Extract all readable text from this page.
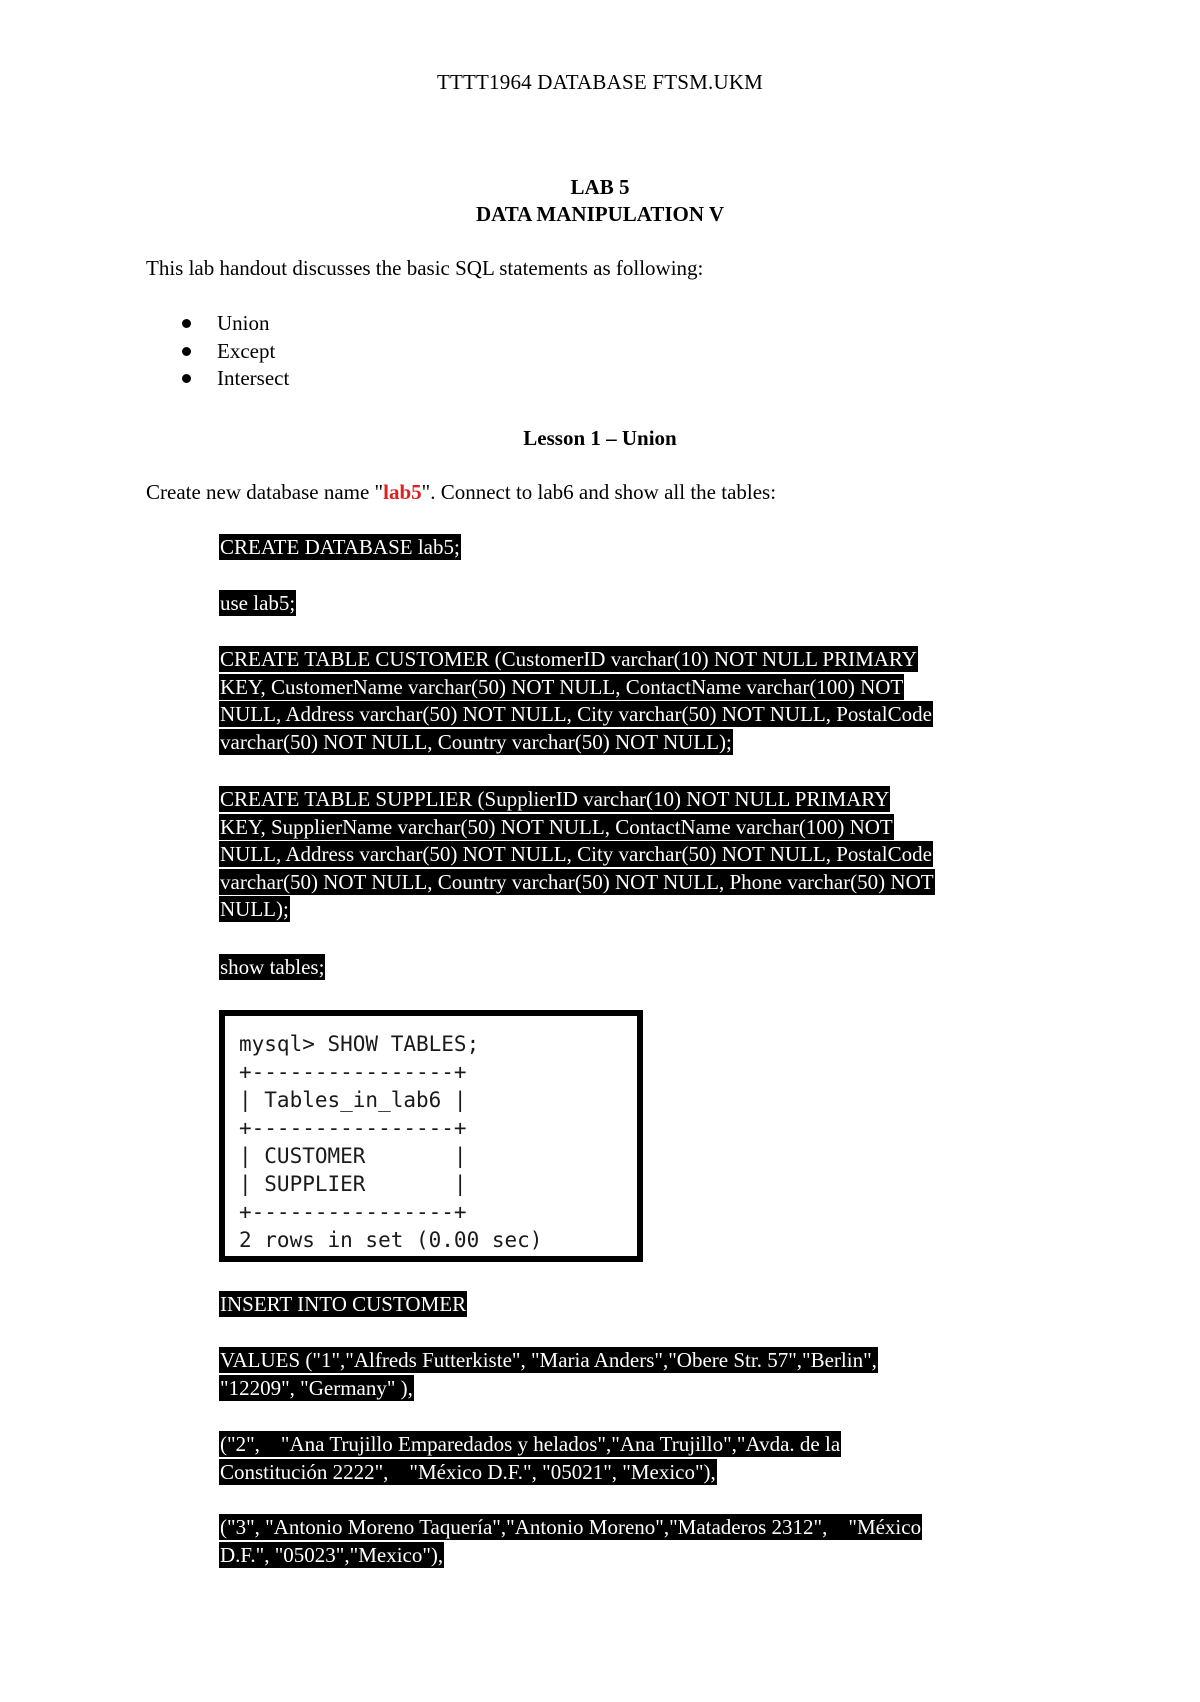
TTTT1964 DATABASE FTSM.UKM
LAB 5
DATA MANIPULATION V
This lab handout discusses the basic SQL statements as following:
Union
Except
Intersect
Lesson 1 – Union
Create new database name "lab5". Connect to lab6 and show all the tables:
CREATE DATABASE lab5;
use lab5;
CREATE TABLE CUSTOMER (CustomerID varchar(10) NOT NULL PRIMARY
KEY, CustomerName varchar(50) NOT NULL, ContactName varchar(100) NOT
NULL, Address varchar(50) NOT NULL, City varchar(50) NOT NULL, PostalCode
varchar(50) NOT NULL, Country varchar(50) NOT NULL);
CREATE TABLE SUPPLIER (SupplierID varchar(10) NOT NULL PRIMARY
KEY, SupplierName varchar(50) NOT NULL, ContactName varchar(100) NOT
NULL, Address varchar(50) NOT NULL, City varchar(50) NOT NULL, PostalCode
varchar(50) NOT NULL, Country varchar(50) NOT NULL, Phone varchar(50) NOT
NULL);
show tables;
mysql> SHOW TABLES;
+----------------+
| Tables_in_lab6 |
+----------------+
| CUSTOMER       |
| SUPPLIER       |
+----------------+
2 rows in set (0.00 sec)
INSERT INTO CUSTOMER
VALUES ("1","Alfreds Futterkiste", "Maria Anders","Obere Str. 57","Berlin",
"12209", "Germany" ),
("2",    "Ana Trujillo Emparedados y helados","Ana Trujillo","Avda. de la
Constitución 2222",    "México D.F.", "05021", "Mexico"),
("3", "Antonio Moreno Taquería","Antonio Moreno","Mataderos 2312",    "México
D.F.", "05023","Mexico"),
